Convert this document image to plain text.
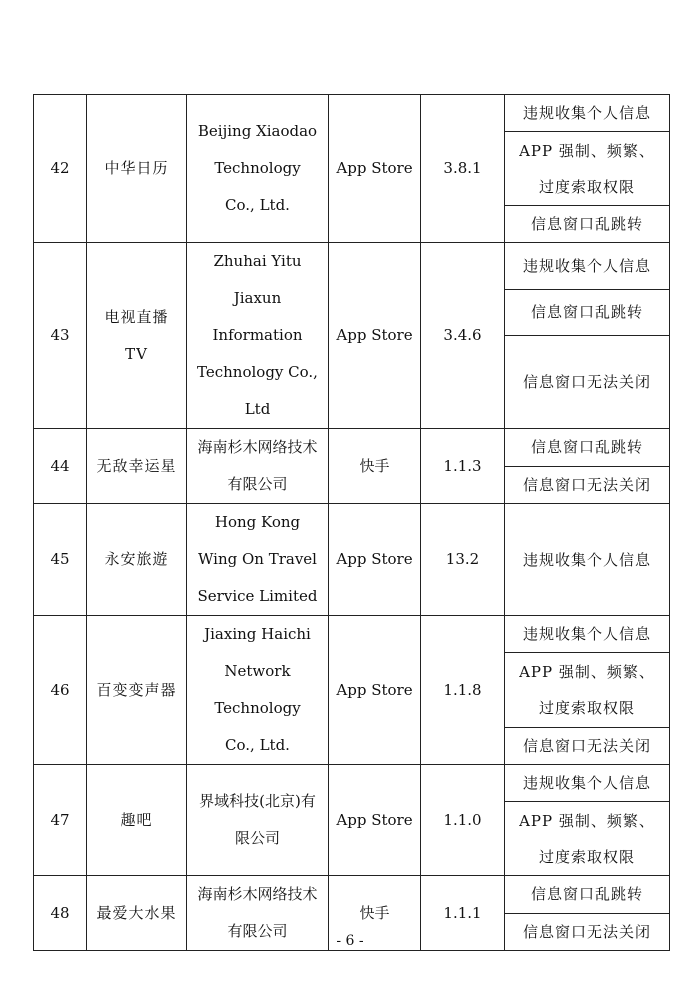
42	中华日历	Beijing Xiaodao Technology Co., Ltd.	App Store	3.8.1	违规收集个人信息
					APP 强制、频繁、过度索取权限
					信息窗口乱跳转
43	电视直播TV	Zhuhai Yitu Jiaxun Information Technology Co., Ltd	App Store	3.4.6	违规收集个人信息
					信息窗口乱跳转
					信息窗口无法关闭
44	无敌幸运星	海南杉木网络技术有限公司	快手	1.1.3	信息窗口乱跳转
					信息窗口无法关闭
45	永安旅遊	Hong Kong Wing On Travel Service Limited	App Store	13.2	违规收集个人信息
46	百变变声器	Jiaxing Haichi Network Technology Co., Ltd.	App Store	1.1.8	违规收集个人信息
					APP 强制、频繁、过度索取权限
					信息窗口无法关闭
47	趣吧	界域科技(北京)有限公司	App Store	1.1.0	违规收集个人信息
					APP 强制、频繁、过度索取权限
48	最爱大水果	海南杉木网络技术有限公司	快手	1.1.1	信息窗口乱跳转
					信息窗口无法关闭
- 6 -
